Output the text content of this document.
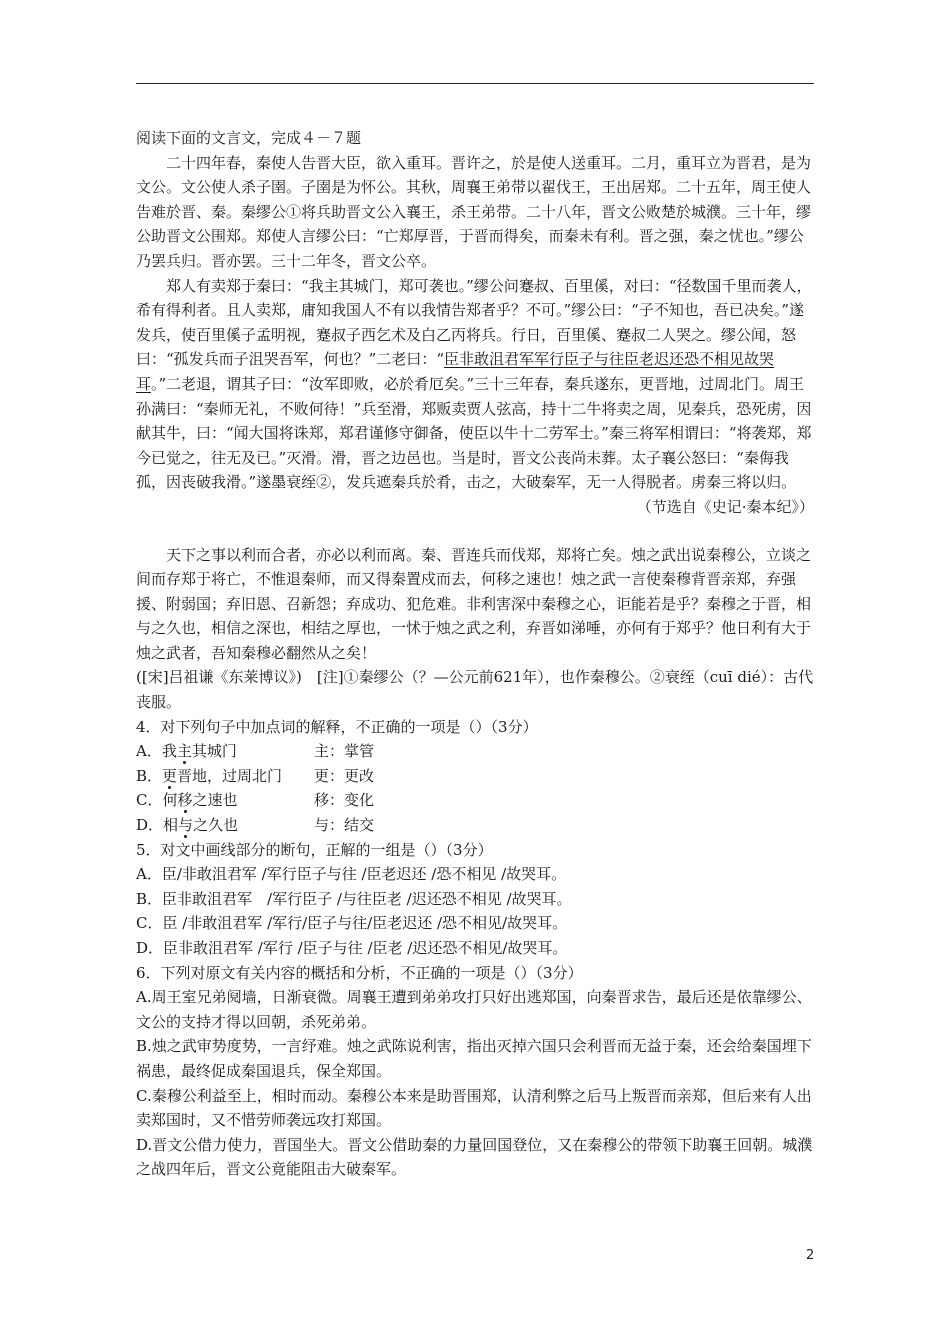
阅读下面的文言文，完成４－７题

二十四年春，秦使人告晋大臣，欲入重耳。晋许之，於是使人送重耳。二月，重耳立为晋君，是为文公。文公使人杀子圉。子圉是为怀公。其秋，周襄王弟带以翟伐王，王出居郑。二十五年，周王使人告难於晋、秦。秦缪公①将兵助晋文公入襄王，杀王弟带。二十八年，晋文公败楚於城濮。三十年，缪公助晋文公围郑。郑使人言缪公曰：“亡郑厚晋，于晋而得矣，而秦未有利。晋之强，秦之忧也。”缪公乃罢兵归。晋亦罢。三十二年冬，晋文公卒。

郑人有卖郑于秦曰：“我主其城门，郑可袭也。”缪公问蹇叔、百里傒，对曰：“径数国千里而袭人，希有得利者。且人卖郑，庸知我国人不有以我情告郑者乎？不可。”缪公曰：“子不知也，吾已决矣。”遂发兵，使百里傒子孟明视，蹇叔子西乞术及白乙丙将兵。行日，百里傒、蹇叔二人哭之。缪公闻，怒曰：“孤发兵而子沮哭吾军，何也？”二老曰：“臣非敢沮君军军行臣子与往臣老迟还恐不相见故哭耳。”二老退，谓其子曰：“汝军即败，必於肴厄矣。”三十三年春，秦兵遂东，更晋地，过周北门。周王孙满曰：“秦师无礼，不败何待！”兵至滑，郑贩卖贾人弦高，持十二牛将卖之周，见秦兵，恐死虏，因献其牛，曰：“闻大国将诛郑，郑君谨修守御备，使臣以牛十二劳军士。”秦三将军相谓曰：“将袭郑，郑今已觉之，往无及已。”灭滑。滑，晋之边邑也。当是时，晋文公丧尚未葬。太子襄公怒曰：“秦侮我孤，因丧破我滑。”遂墨衰绖②，发兵遮秦兵於肴，击之，大破秦军，无一人得脱者。虏秦三将以归。

（节选自《史记·秦本纪》）

天下之事以利而合者，亦必以利而离。秦、晋连兵而伐郑，郑将亡矣。烛之武出说秦穆公，立谈之间而存郑于将亡，不惟退秦师，而又得秦置戍而去，何移之速也！烛之武一言使秦穆背晋亲郑，弃强援、附弱国；弃旧恩、召新怨；弃成功、犯危难。非利害深中秦穆之心，讵能若是乎？秦穆之于晋，相与之久也，相信之深也，相结之厚也，一怵于烛之武之利，弃晋如涕唾，亦何有于郑乎？他日利有大于烛之武者，吾知秦穆必翻然从之矣！

([宋]吕祖谦《东莱博议》)　[注]①秦缪公（？—公元前621年），也作秦穆公。②衰绖（cuī dié）：古代丧服。

4．对下列句子中加点词的解释，不正确的一项是（）（3分）

A．我主其城门	主：掌管
B．更晋地，过周北门	更：更改
C．何移之速也	移：变化
D．相与之久也	与：结交

5．对文中画线部分的断句，正解的一组是（）（3分）

A．臣/非敢沮君军 /军行臣子与往 /臣老迟还 /恐不相见 /故哭耳。

B．臣非敢沮君军　/军行臣子 /与往臣老 /迟还恐不相见 /故哭耳。

C．臣 /非敢沮君军 /军行/臣子与往/臣老迟还 /恐不相见/故哭耳。

D．臣非敢沮君军 /军行 /臣子与往 /臣老 /迟还恐不相见/故哭耳。

6．下列对原文有关内容的概括和分析，不正确的一项是（）（3分）

A.周王室兄弟阋墙，日渐衰微。周襄王遭到弟弟攻打只好出逃郑国，向秦晋求告，最后还是依靠缪公、文公的支持才得以回朝，杀死弟弟。

B.烛之武审势度势，一言纾难。烛之武陈说利害，指出灭掉六国只会利晋而无益于秦，还会给秦国埋下祸患，最终促成秦国退兵，保全郑国。

C.秦穆公利益至上，相时而动。秦穆公本来是助晋围郑，认清利弊之后马上叛晋而亲郑，但后来有人出卖郑国时，又不惜劳师袭远攻打郑国。

D.晋文公借力使力，晋国坐大。晋文公借助秦的力量回国登位，又在秦穆公的带领下助襄王回朝。城濮之战四年后，晋文公竟能阻击大破秦军。

2
